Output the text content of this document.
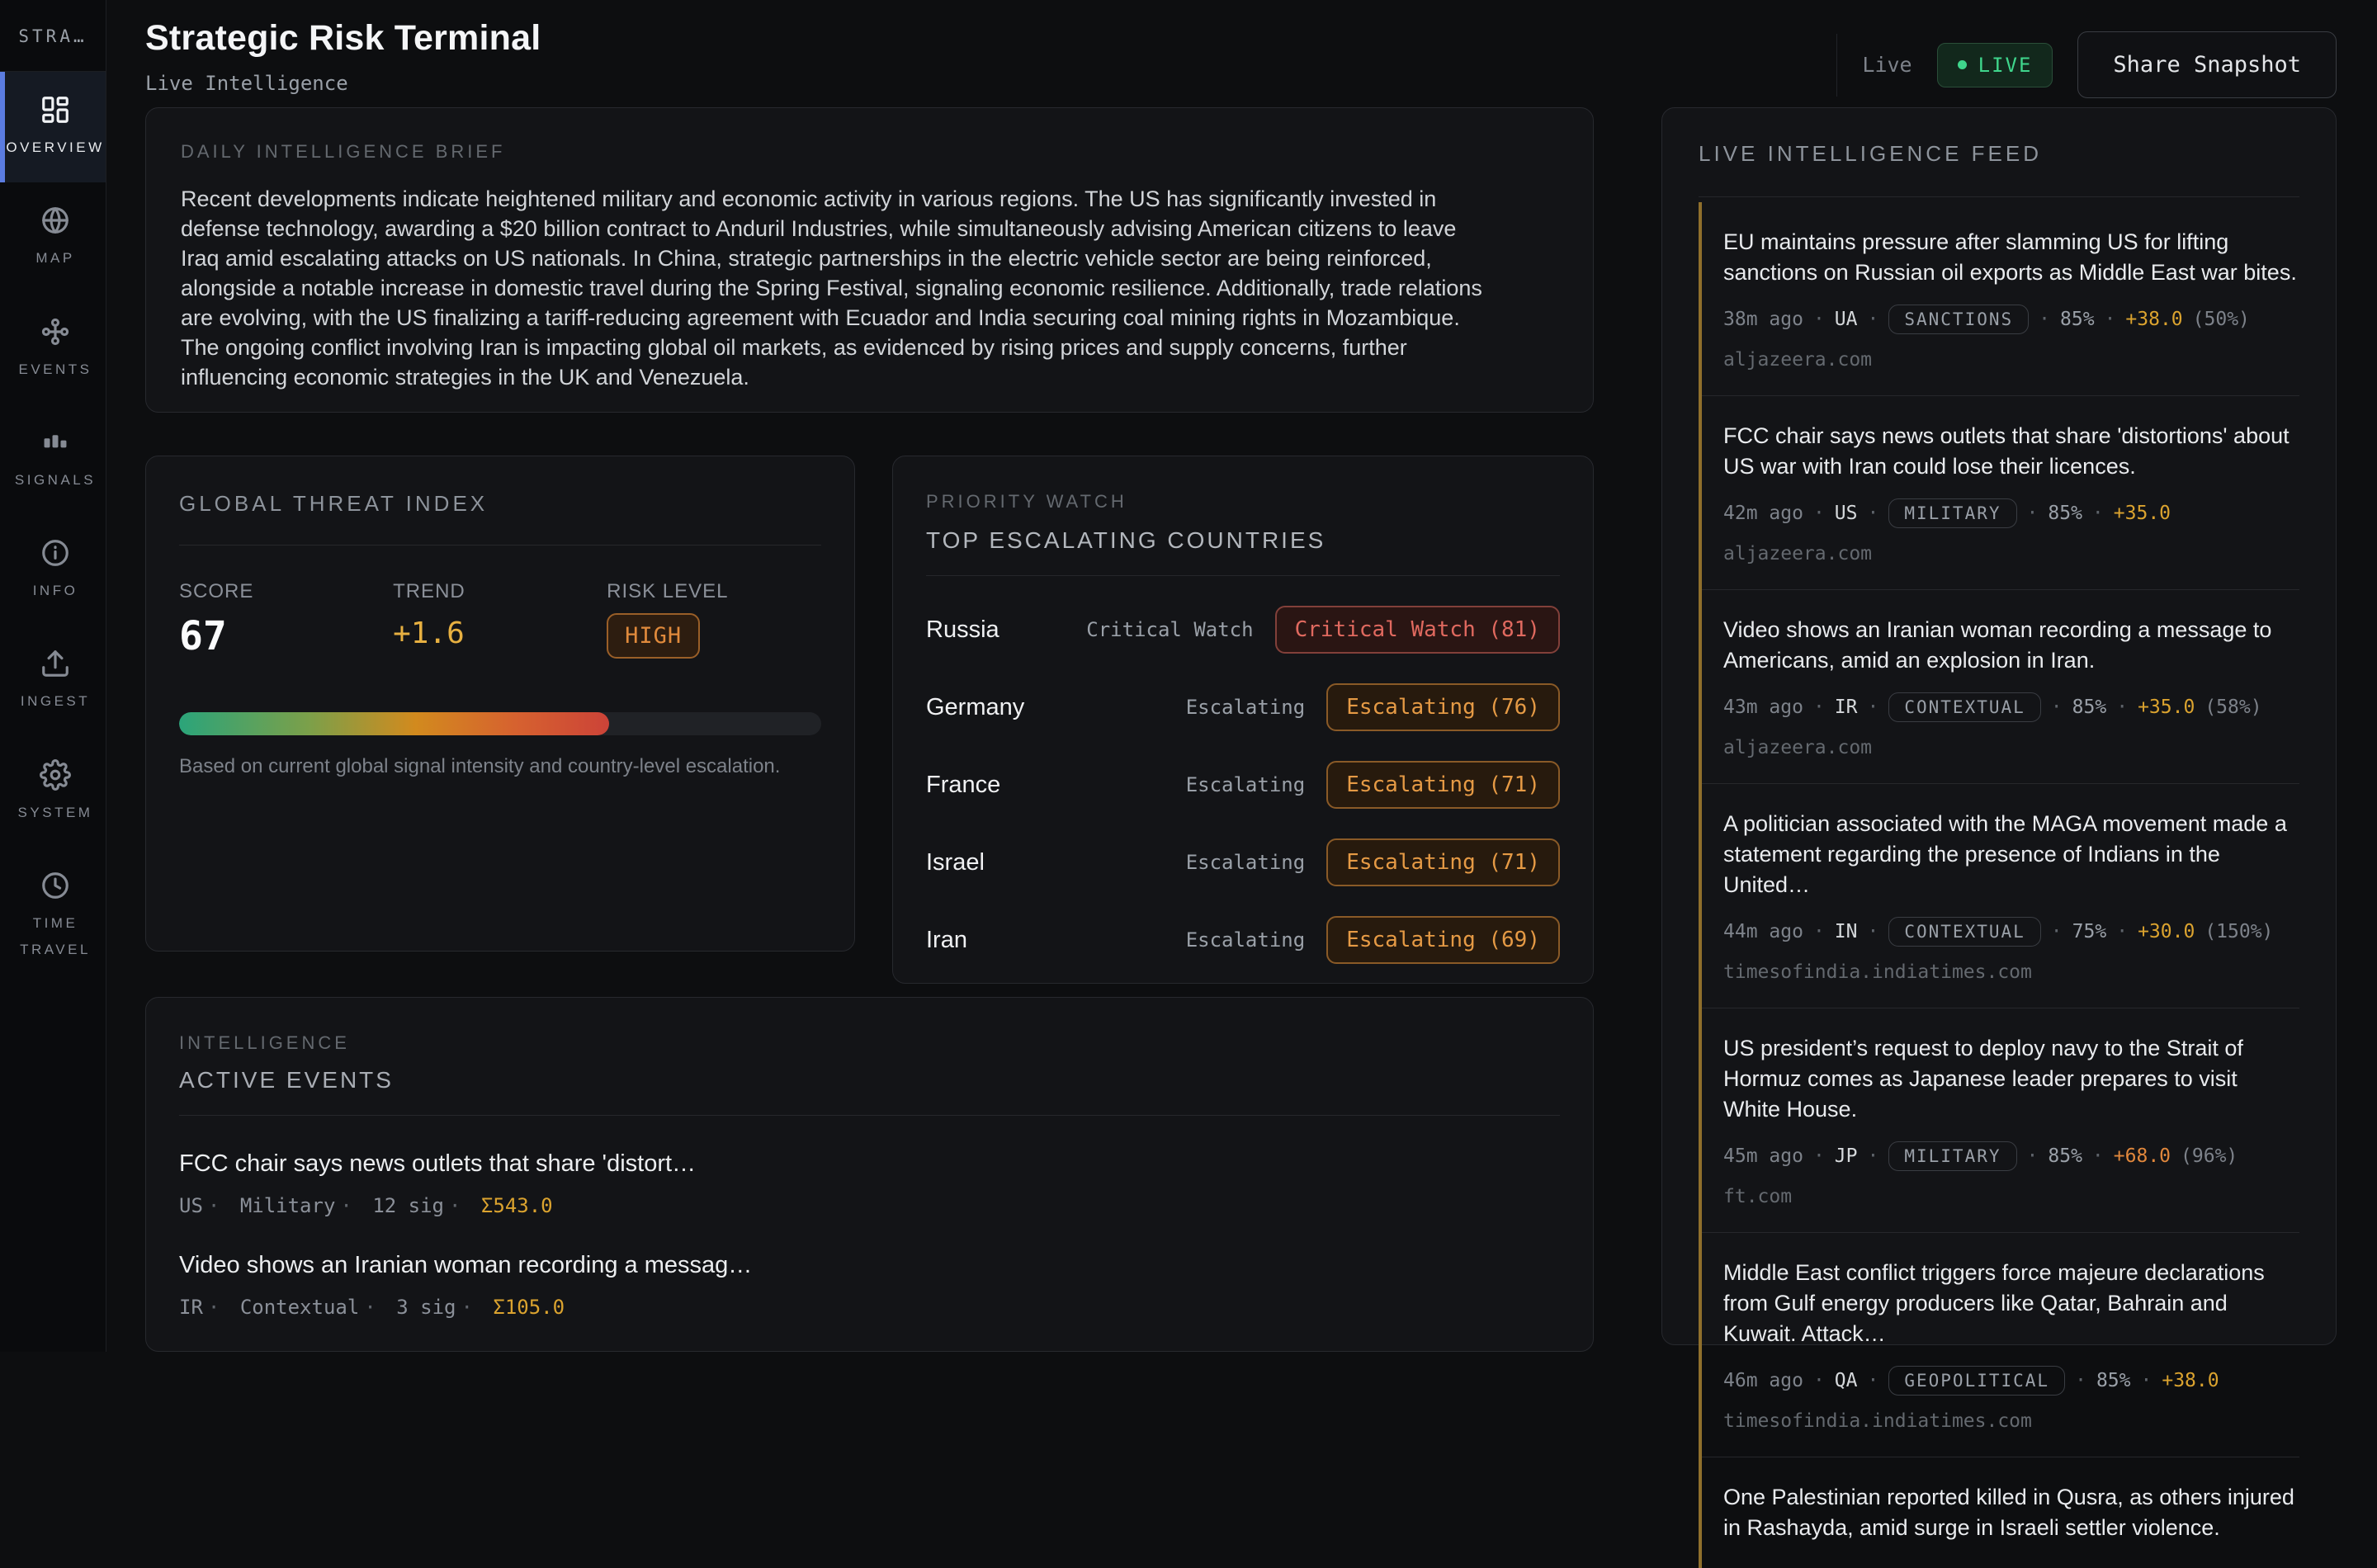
STRA…
OVERVIEW
MAP
EVENTS
SIGNALS
INFO
INGEST
SYSTEM
TIME TRAVEL
Strategic Risk Terminal
Live Intelligence
Live	LIVE	Share Snapshot
DAILY INTELLIGENCE BRIEF

Recent developments indicate heightened military and economic activity in various regions. The US has significantly invested in defense technology, awarding a $20 billion contract to Anduril Industries, while simultaneously advising American citizens to leave Iraq amid escalating attacks on US nationals. In China, strategic partnerships in the electric vehicle sector are being reinforced, alongside a notable increase in domestic travel during the Spring Festival, signaling economic resilience. Additionally, trade relations are evolving, with the US finalizing a tariff-reducing agreement with Ecuador and India securing coal mining rights in Mozambique. The ongoing conflict involving Iran is impacting global oil markets, as evidenced by rising prices and supply concerns, further influencing economic strategies in the UK and Venezuela.

GLOBAL THREAT INDEX
SCORE
67
TREND
+1.6
RISK LEVEL
HIGH
Based on current global signal intensity and country-level escalation.
PRIORITY WATCH
TOP ESCALATING COUNTRIES
Russia	Critical Watch	Critical Watch (81)
Germany	Escalating	Escalating (76)
France	Escalating	Escalating (71)
Israel	Escalating	Escalating (71)
Iran	Escalating	Escalating (69)
INTELLIGENCE
ACTIVE EVENTS
FCC chair says news outlets that share 'distort…
US · Military · 12 sig · Σ543.0
Video shows an Iranian woman recording a messag…
IR · Contextual · 3 sig · Σ105.0
LIVE INTELLIGENCE FEED
EU maintains pressure after slamming US for lifting sanctions on Russian oil exports as Middle East war bites.
38m ago	· UA	· SANCTIONS	· 85%	· +38.0 (50%)
aljazeera.com
FCC chair says news outlets that share 'distortions' about US war with Iran could lose their licences.
42m ago	· US	· MILITARY	· 85%	· +35.0
aljazeera.com
Video shows an Iranian woman recording a message to Americans, amid an explosion in Iran.
43m ago	· IR	· CONTEXTUAL	· 85%	· +35.0 (58%)
aljazeera.com
A politician associated with the MAGA movement made a statement regarding the presence of Indians in the United…
44m ago	· IN	· CONTEXTUAL	· 75%	· +30.0 (150%)
timesofindia.indiatimes.com
US president’s request to deploy navy to the Strait of Hormuz comes as Japanese leader prepares to visit White House.
45m ago	· JP	· MILITARY	· 85%	· +68.0 (96%)
ft.com
Middle East conflict triggers force majeure declarations from Gulf energy producers like Qatar, Bahrain and Kuwait. Attack…
46m ago	· QA	· GEOPOLITICAL	· 85%	· +38.0
timesofindia.indiatimes.com
One Palestinian reported killed in Qusra, as others injured in Rashayda, amid surge in Israeli settler violence.
